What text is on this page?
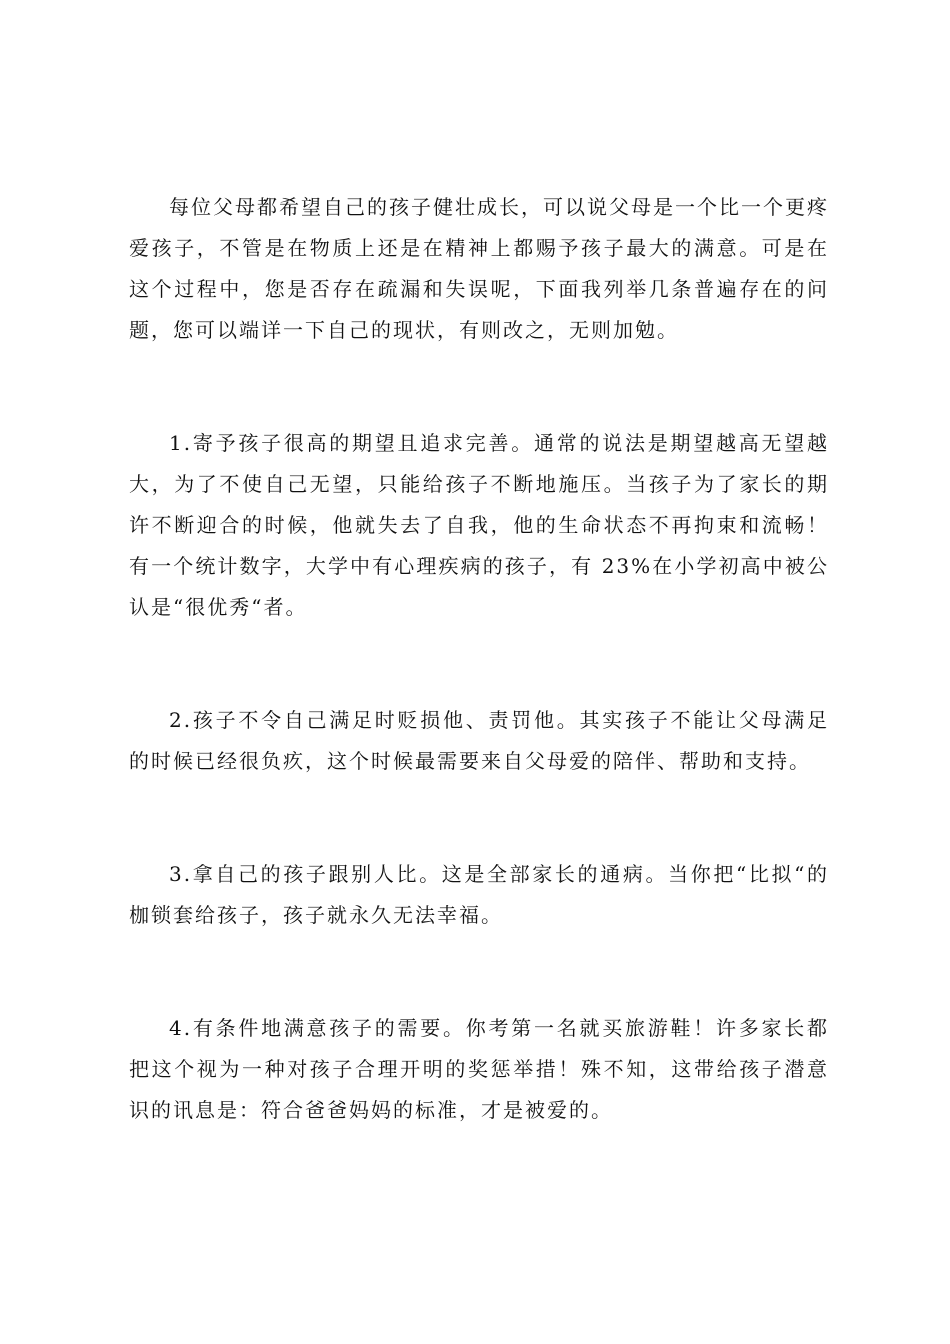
每位父母都希望自己的孩子健壮成长，可以说父母是一个比一个更疼爱孩子，不管是在物质上还是在精神上都赐予孩子最大的满意。可是在这个过程中，您是否存在疏漏和失误呢，下面我列举几条普遍存在的问题，您可以端详一下自己的现状，有则改之，无则加勉。

1.寄予孩子很高的期望且追求完善。通常的说法是期望越高无望越大，为了不使自己无望，只能给孩子不断地施压。当孩子为了家长的期许不断迎合的时候，他就失去了自我，他的生命状态不再拘束和流畅！有一个统计数字，大学中有心理疾病的孩子，有 23%在小学初高中被公认是“很优秀“者。

2.孩子不令自己满足时贬损他、责罚他。其实孩子不能让父母满足的时候已经很负疚，这个时候最需要来自父母爱的陪伴、帮助和支持。

3.拿自己的孩子跟别人比。这是全部家长的通病。当你把“比拟“的枷锁套给孩子，孩子就永久无法幸福。

4.有条件地满意孩子的需要。你考第一名就买旅游鞋！许多家长都把这个视为一种对孩子合理开明的奖惩举措！殊不知，这带给孩子潜意识的讯息是：符合爸爸妈妈的标准，才是被爱的。
